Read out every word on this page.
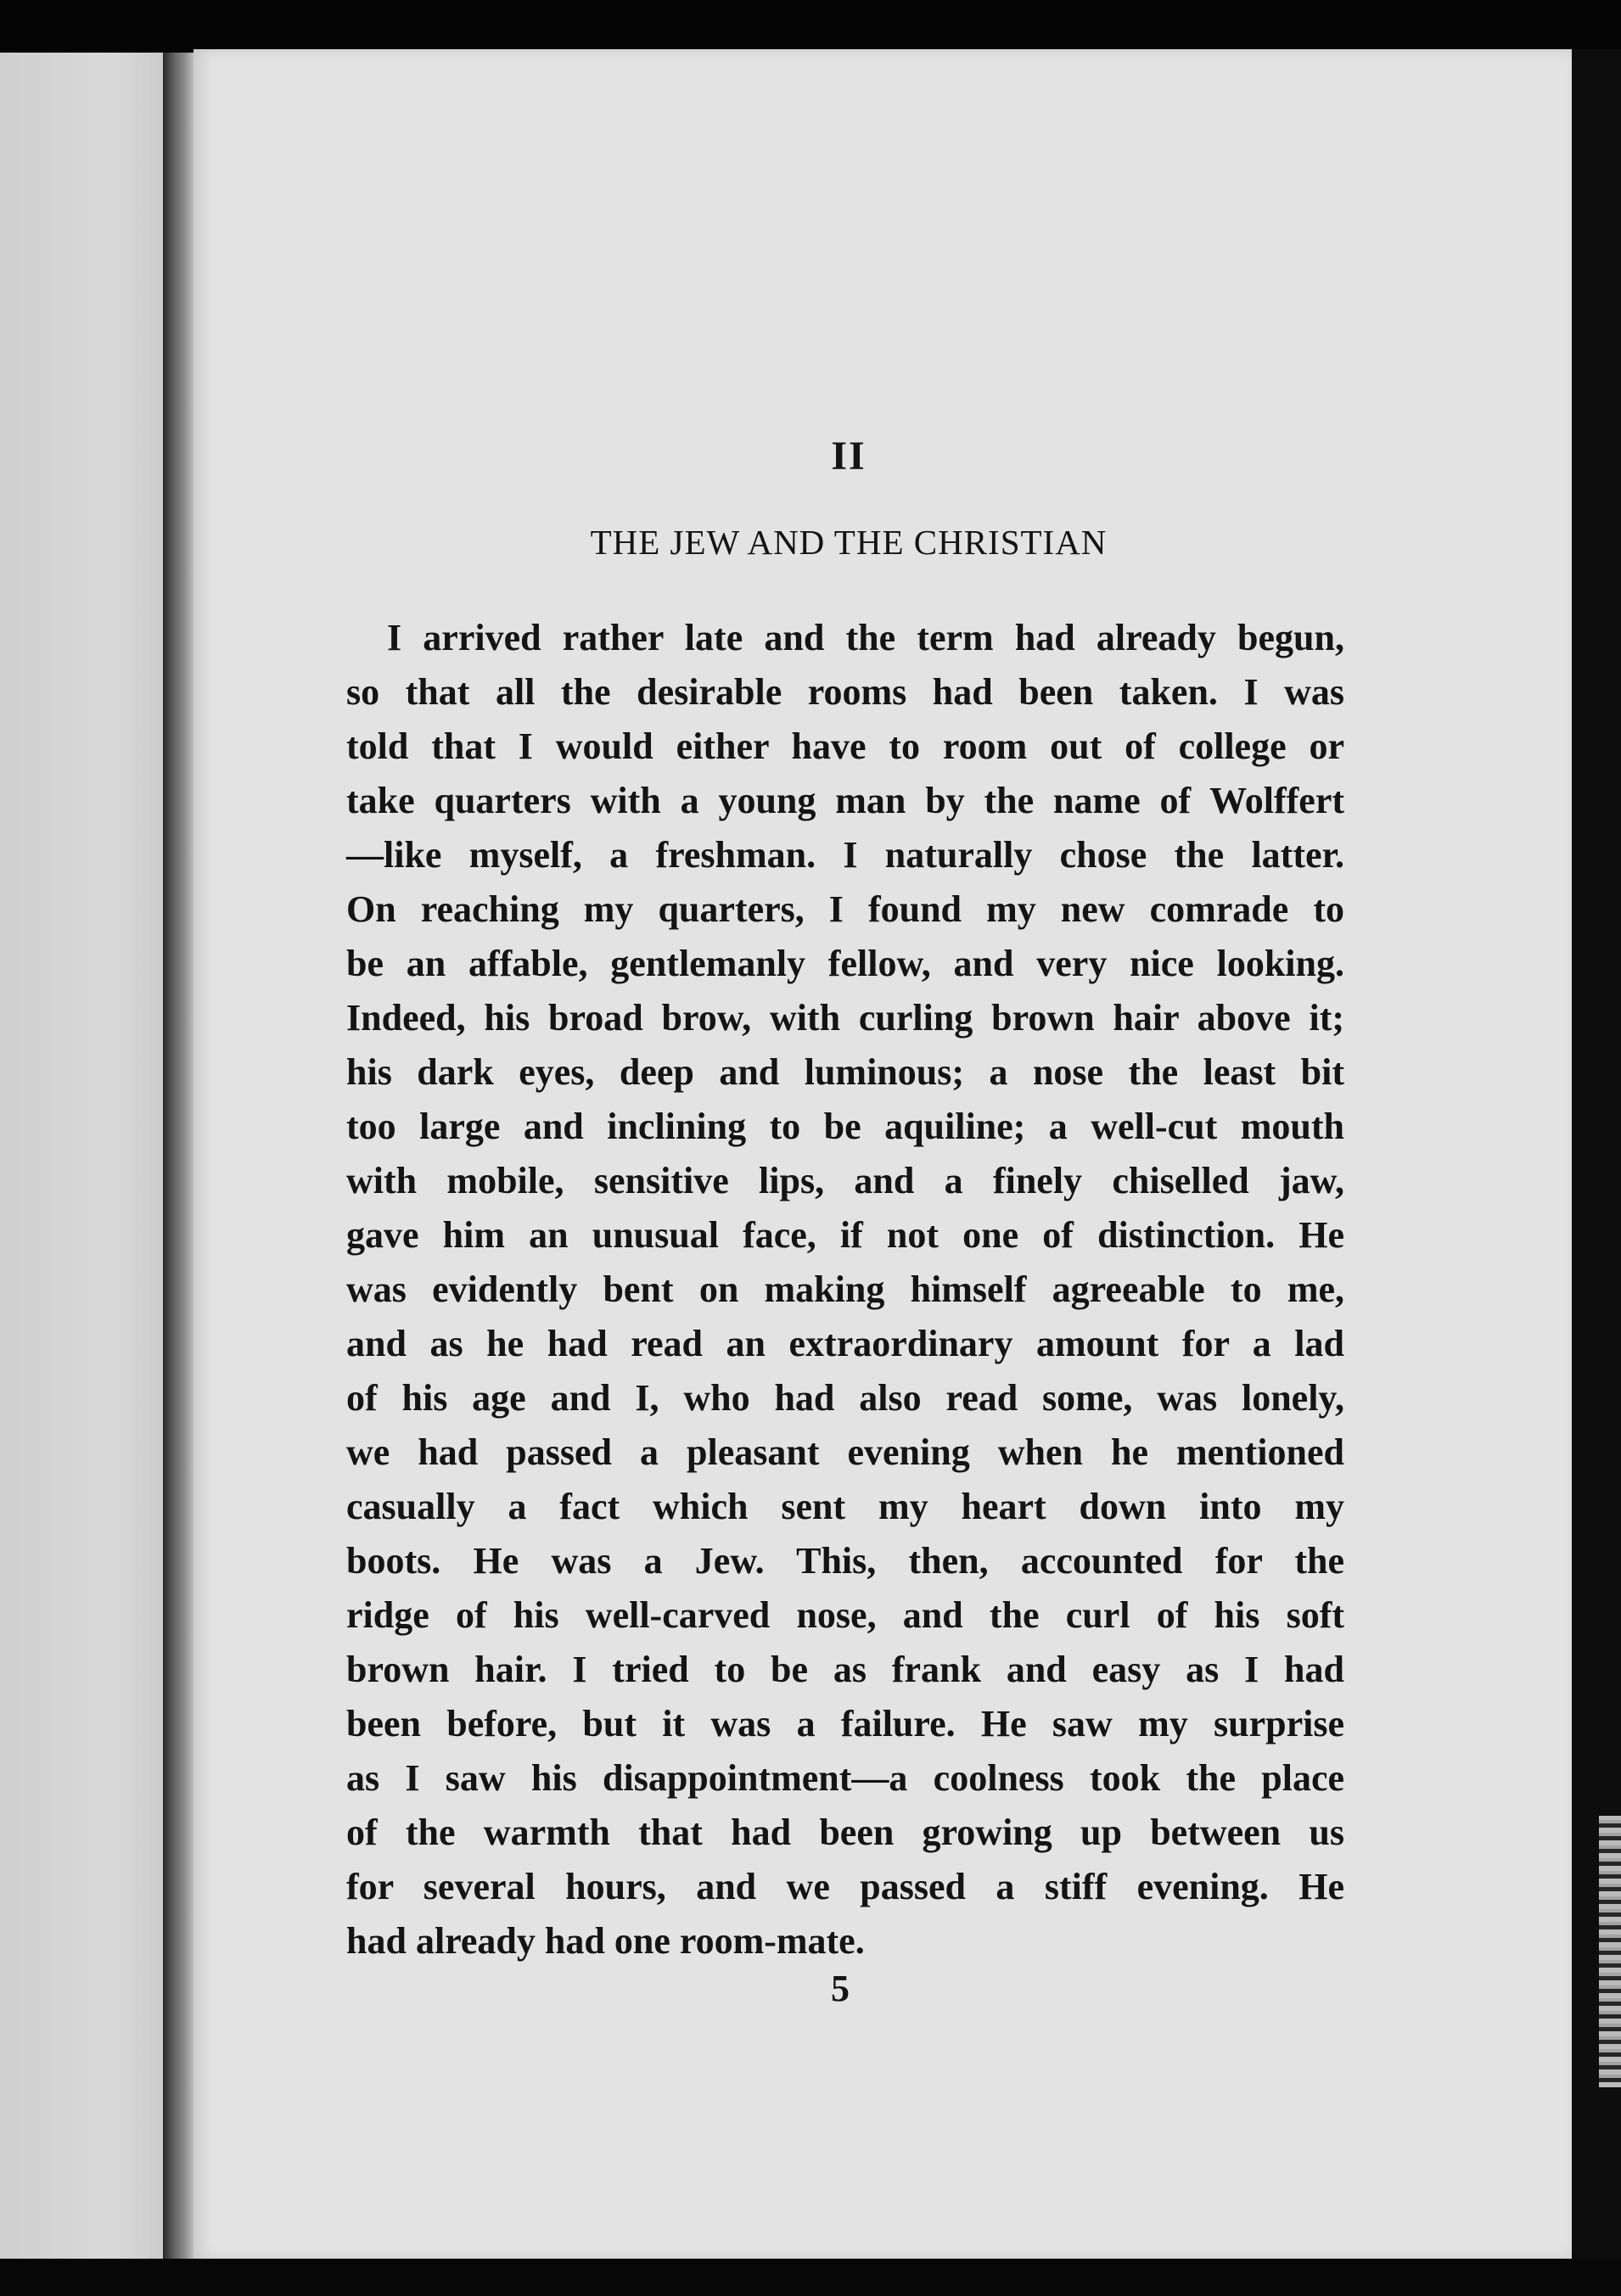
II
THE JEW AND THE CHRISTIAN
I arrived rather late and the term had already begun,
so that all the desirable rooms had been taken. I was
told that I would either have to room out of college or
take quarters with a young man by the name of Wolffert
—like myself, a freshman. I naturally chose the latter.
On reaching my quarters, I found my new comrade to
be an affable, gentlemanly fellow, and very nice looking.
Indeed, his broad brow, with curling brown hair above it;
his dark eyes, deep and luminous; a nose the least bit
too large and inclining to be aquiline; a well-cut mouth
with mobile, sensitive lips, and a finely chiselled jaw,
gave him an unusual face, if not one of distinction. He
was evidently bent on making himself agreeable to me,
and as he had read an extraordinary amount for a lad
of his age and I, who had also read some, was lonely,
we had passed a pleasant evening when he mentioned
casually a fact which sent my heart down into my
boots. He was a Jew. This, then, accounted for the
ridge of his well-carved nose, and the curl of his soft
brown hair. I tried to be as frank and easy as I had
been before, but it was a failure. He saw my surprise
as I saw his disappointment—a coolness took the place
of the warmth that had been growing up between us
for several hours, and we passed a stiff evening. He
had already had one room-mate.
5
